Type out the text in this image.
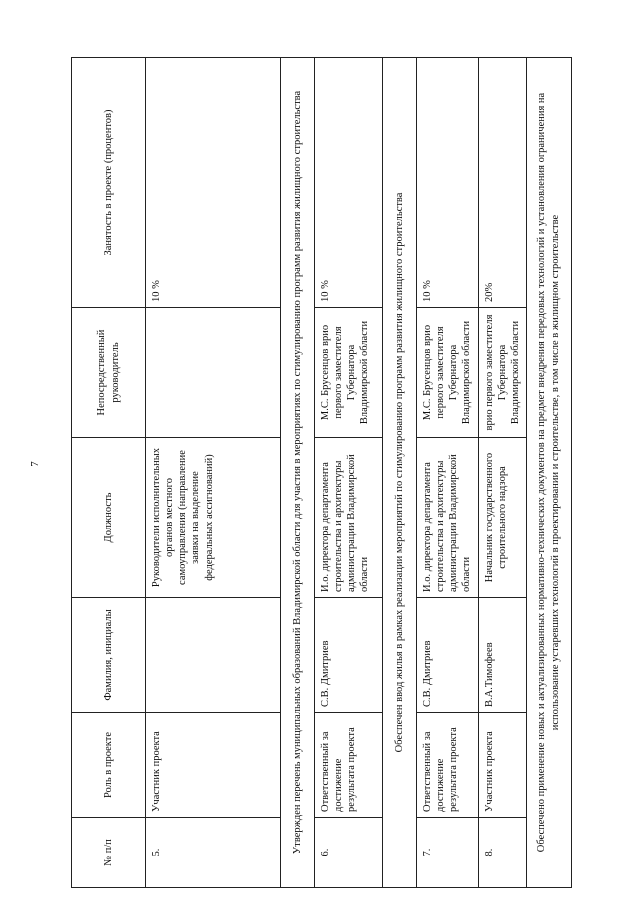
7
№ п/п	Роль в проекте	Фамилия, инициалы	Должность	Непосредственный руководитель	Занятость в проекте (процентов)
5.	Участник проекта		Руководители исполнительных органов местного самоуправления (направление заявки на выделение федеральных ассигнований)		10 %
Утвержден перечень муниципальных образований Владимирской области для участия в мероприятиях по стимулированию программ развития жилищного строительства					
6.	Ответственный за достижение результата проекта	С.В. Дмитриев	И.о. директора департамента строительства и архитектуры администрации Владимирской области	М.С. Брусенцов врио первого заместителя Губернатора Владимирской области	10 %
Обеспечен ввод жилья в рамках реализации мероприятий по стимулированию программ развития жилищного строительства					
7.	Ответственный за достижение результата проекта	С.В. Дмитриев	И.о. директора департамента строительства и архитектуры администрации Владимирской области	М.С. Брусенцов врио первого заместителя Губернатора Владимирской области	10 %
8.	Участник проекта	В.А.Тимофеев	Начальник государственного строительного надзора	врио первого заместителя Губернатора Владимирской области	20%
Обеспечено применение новых и актуализированных нормативно-технических документов на предмет внедрения передовых технологий и установления ограничения на использование устаревших технологий в проектировании и строительстве, в том числе в жилищном строительстве					
